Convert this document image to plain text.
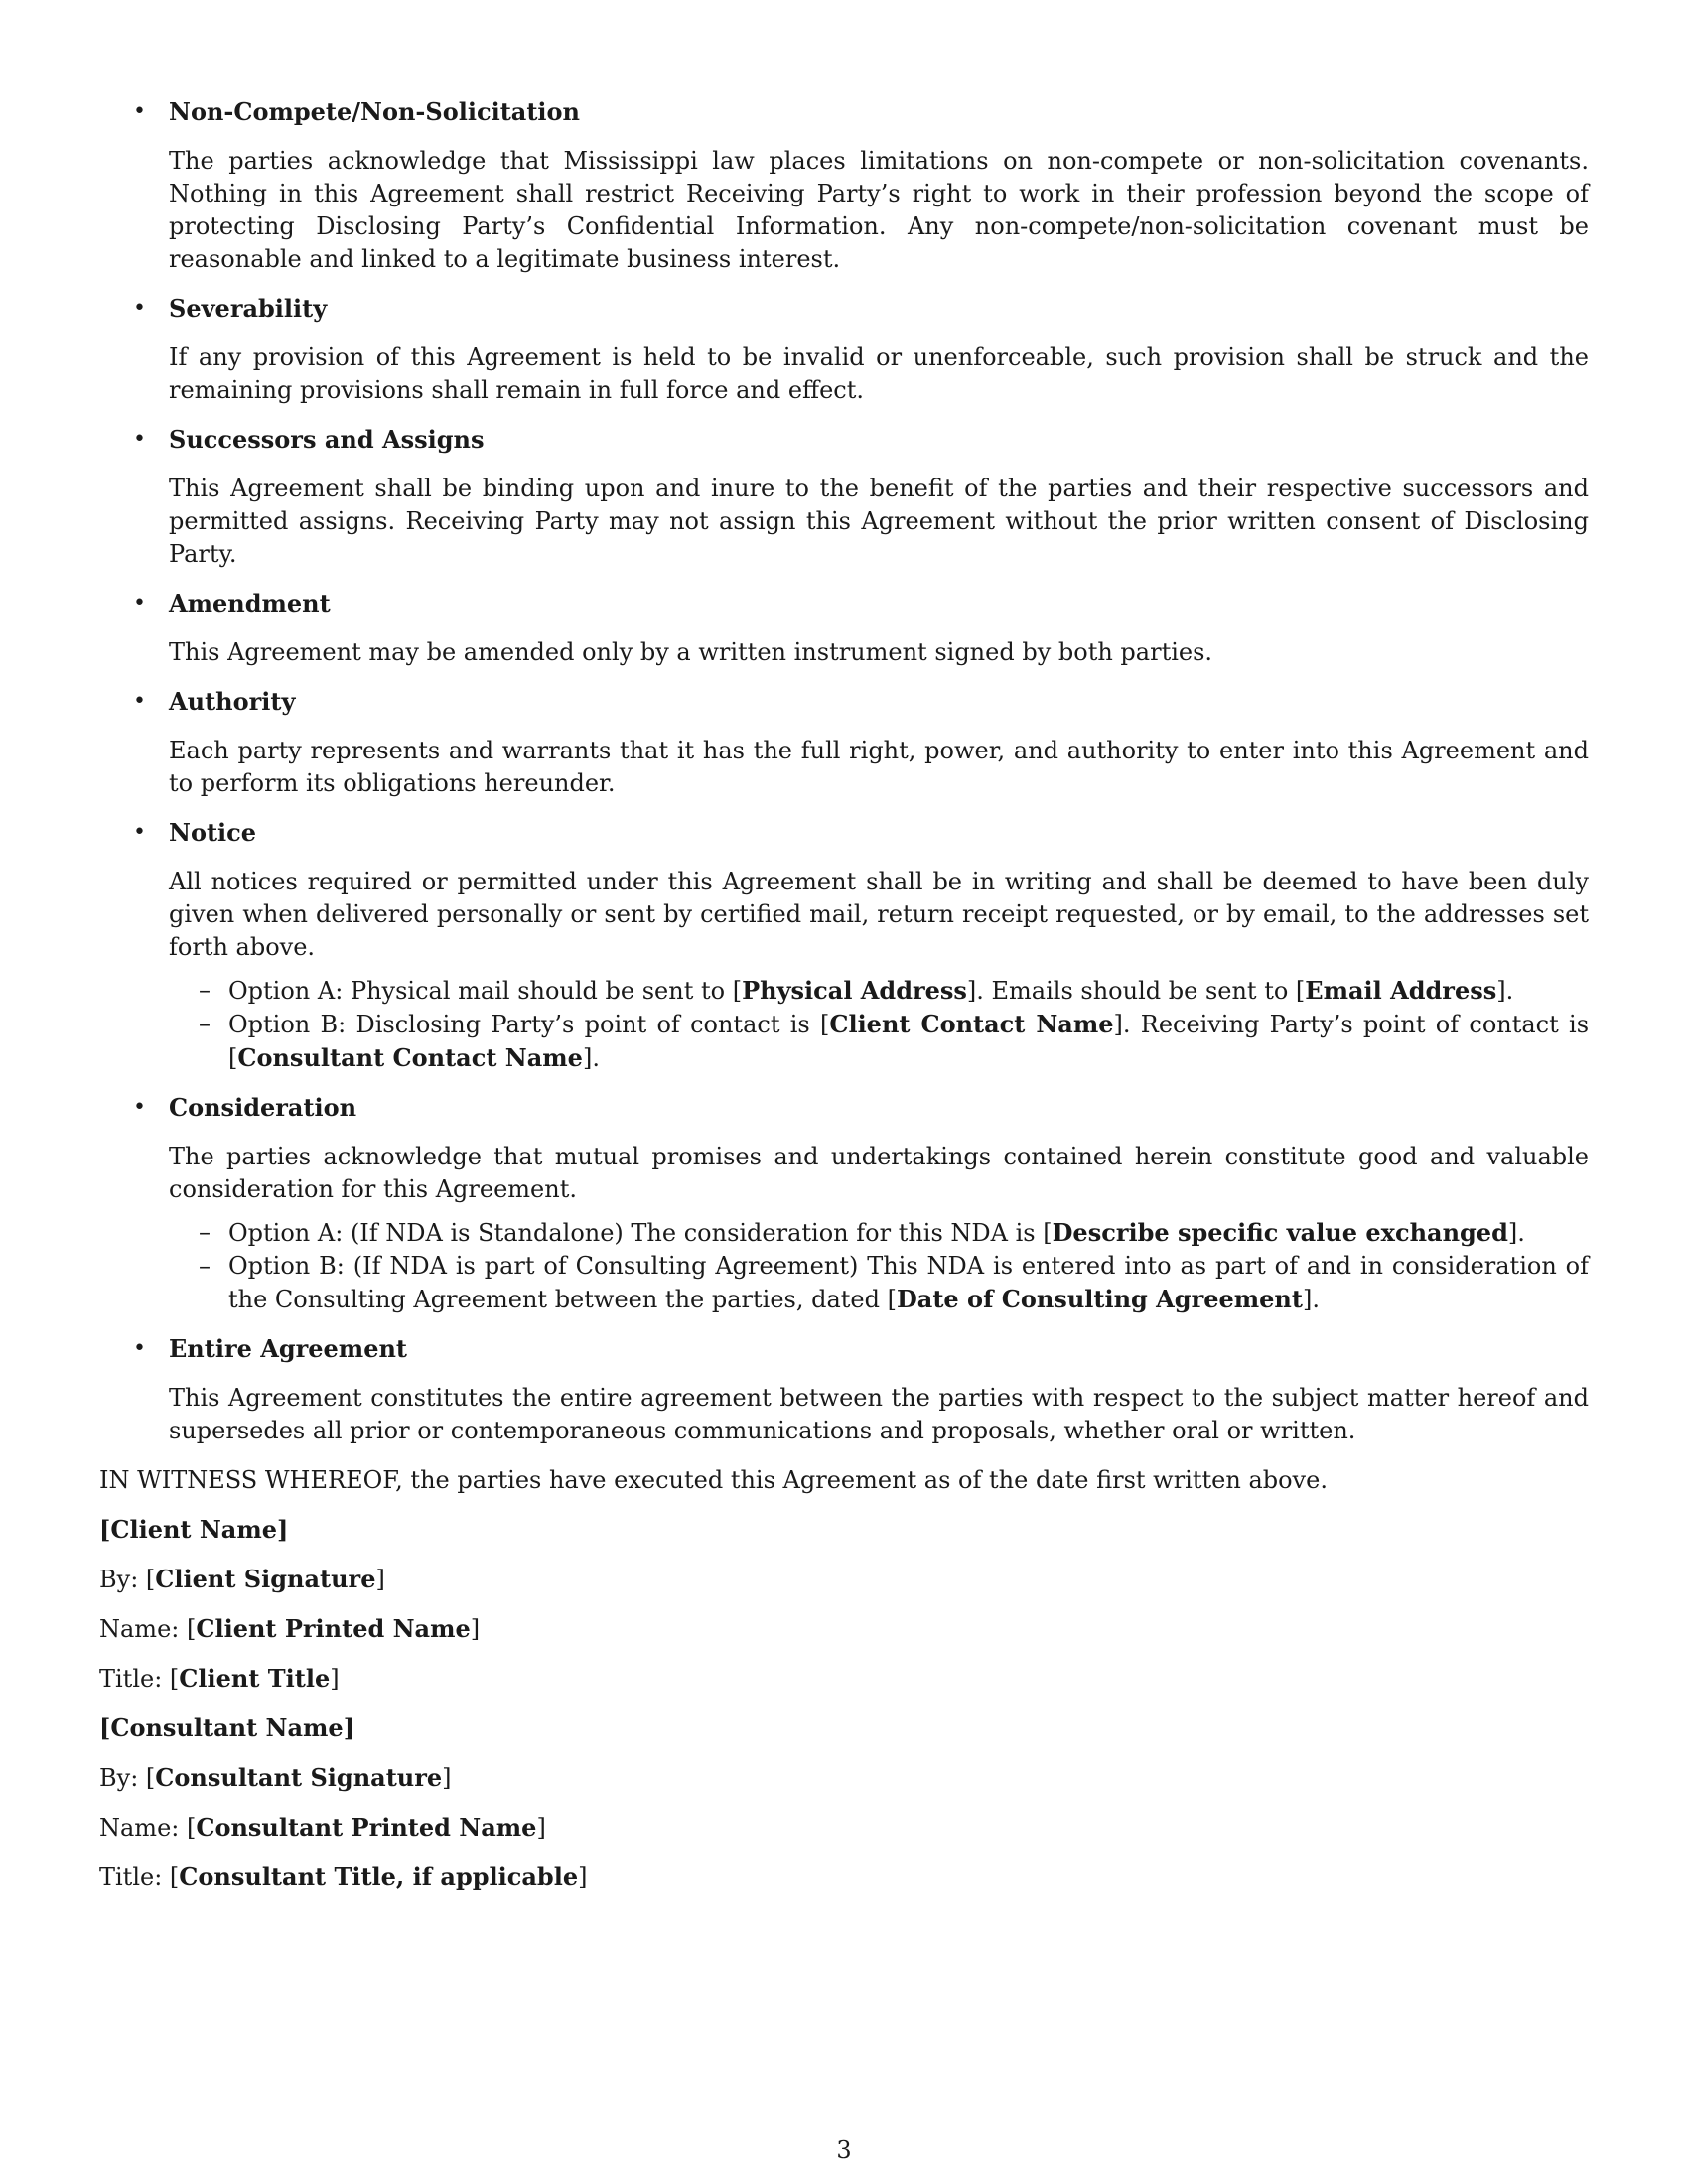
• Non-Compete/Non-Solicitation

The parties acknowledge that Mississippi law places limitations on non-compete or non-solicitation covenants. Nothing in this Agreement shall restrict Receiving Party’s right to work in their profession beyond the scope of protecting Disclosing Party’s Confidential Information. Any non-compete/non-solicitation covenant must be reasonable and linked to a legitimate business interest.

• Severability

If any provision of this Agreement is held to be invalid or unenforceable, such provision shall be struck and the remaining provisions shall remain in full force and effect.

• Successors and Assigns

This Agreement shall be binding upon and inure to the benefit of the parties and their respective successors and permitted assigns. Receiving Party may not assign this Agreement without the prior written consent of Disclosing Party.

• Amendment

This Agreement may be amended only by a written instrument signed by both parties.

• Authority

Each party represents and warrants that it has the full right, power, and authority to enter into this Agreement and to perform its obligations hereunder.

• Notice

All notices required or permitted under this Agreement shall be in writing and shall be deemed to have been duly given when delivered personally or sent by certified mail, return receipt requested, or by email, to the addresses set forth above.

– Option A: Physical mail should be sent to [Physical Address]. Emails should be sent to [Email Address].
– Option B: Disclosing Party’s point of contact is [Client Contact Name]. Receiving Party’s point of contact is [Consultant Contact Name].
• Consideration

The parties acknowledge that mutual promises and undertakings contained herein constitute good and valuable consideration for this Agreement.

– Option A: (If NDA is Standalone) The consideration for this NDA is [Describe specific value exchanged].
– Option B: (If NDA is part of Consulting Agreement) This NDA is entered into as part of and in consideration of the Consulting Agreement between the parties, dated [Date of Consulting Agreement].
• Entire Agreement

This Agreement constitutes the entire agreement between the parties with respect to the subject matter hereof and supersedes all prior or contemporaneous communications and proposals, whether oral or written.

IN WITNESS WHEREOF, the parties have executed this Agreement as of the date first written above.

[Client Name]

By: [Client Signature]

Name: [Client Printed Name]

Title: [Client Title]

[Consultant Name]

By: [Consultant Signature]

Name: [Consultant Printed Name]

Title: [Consultant Title, if applicable]

3
